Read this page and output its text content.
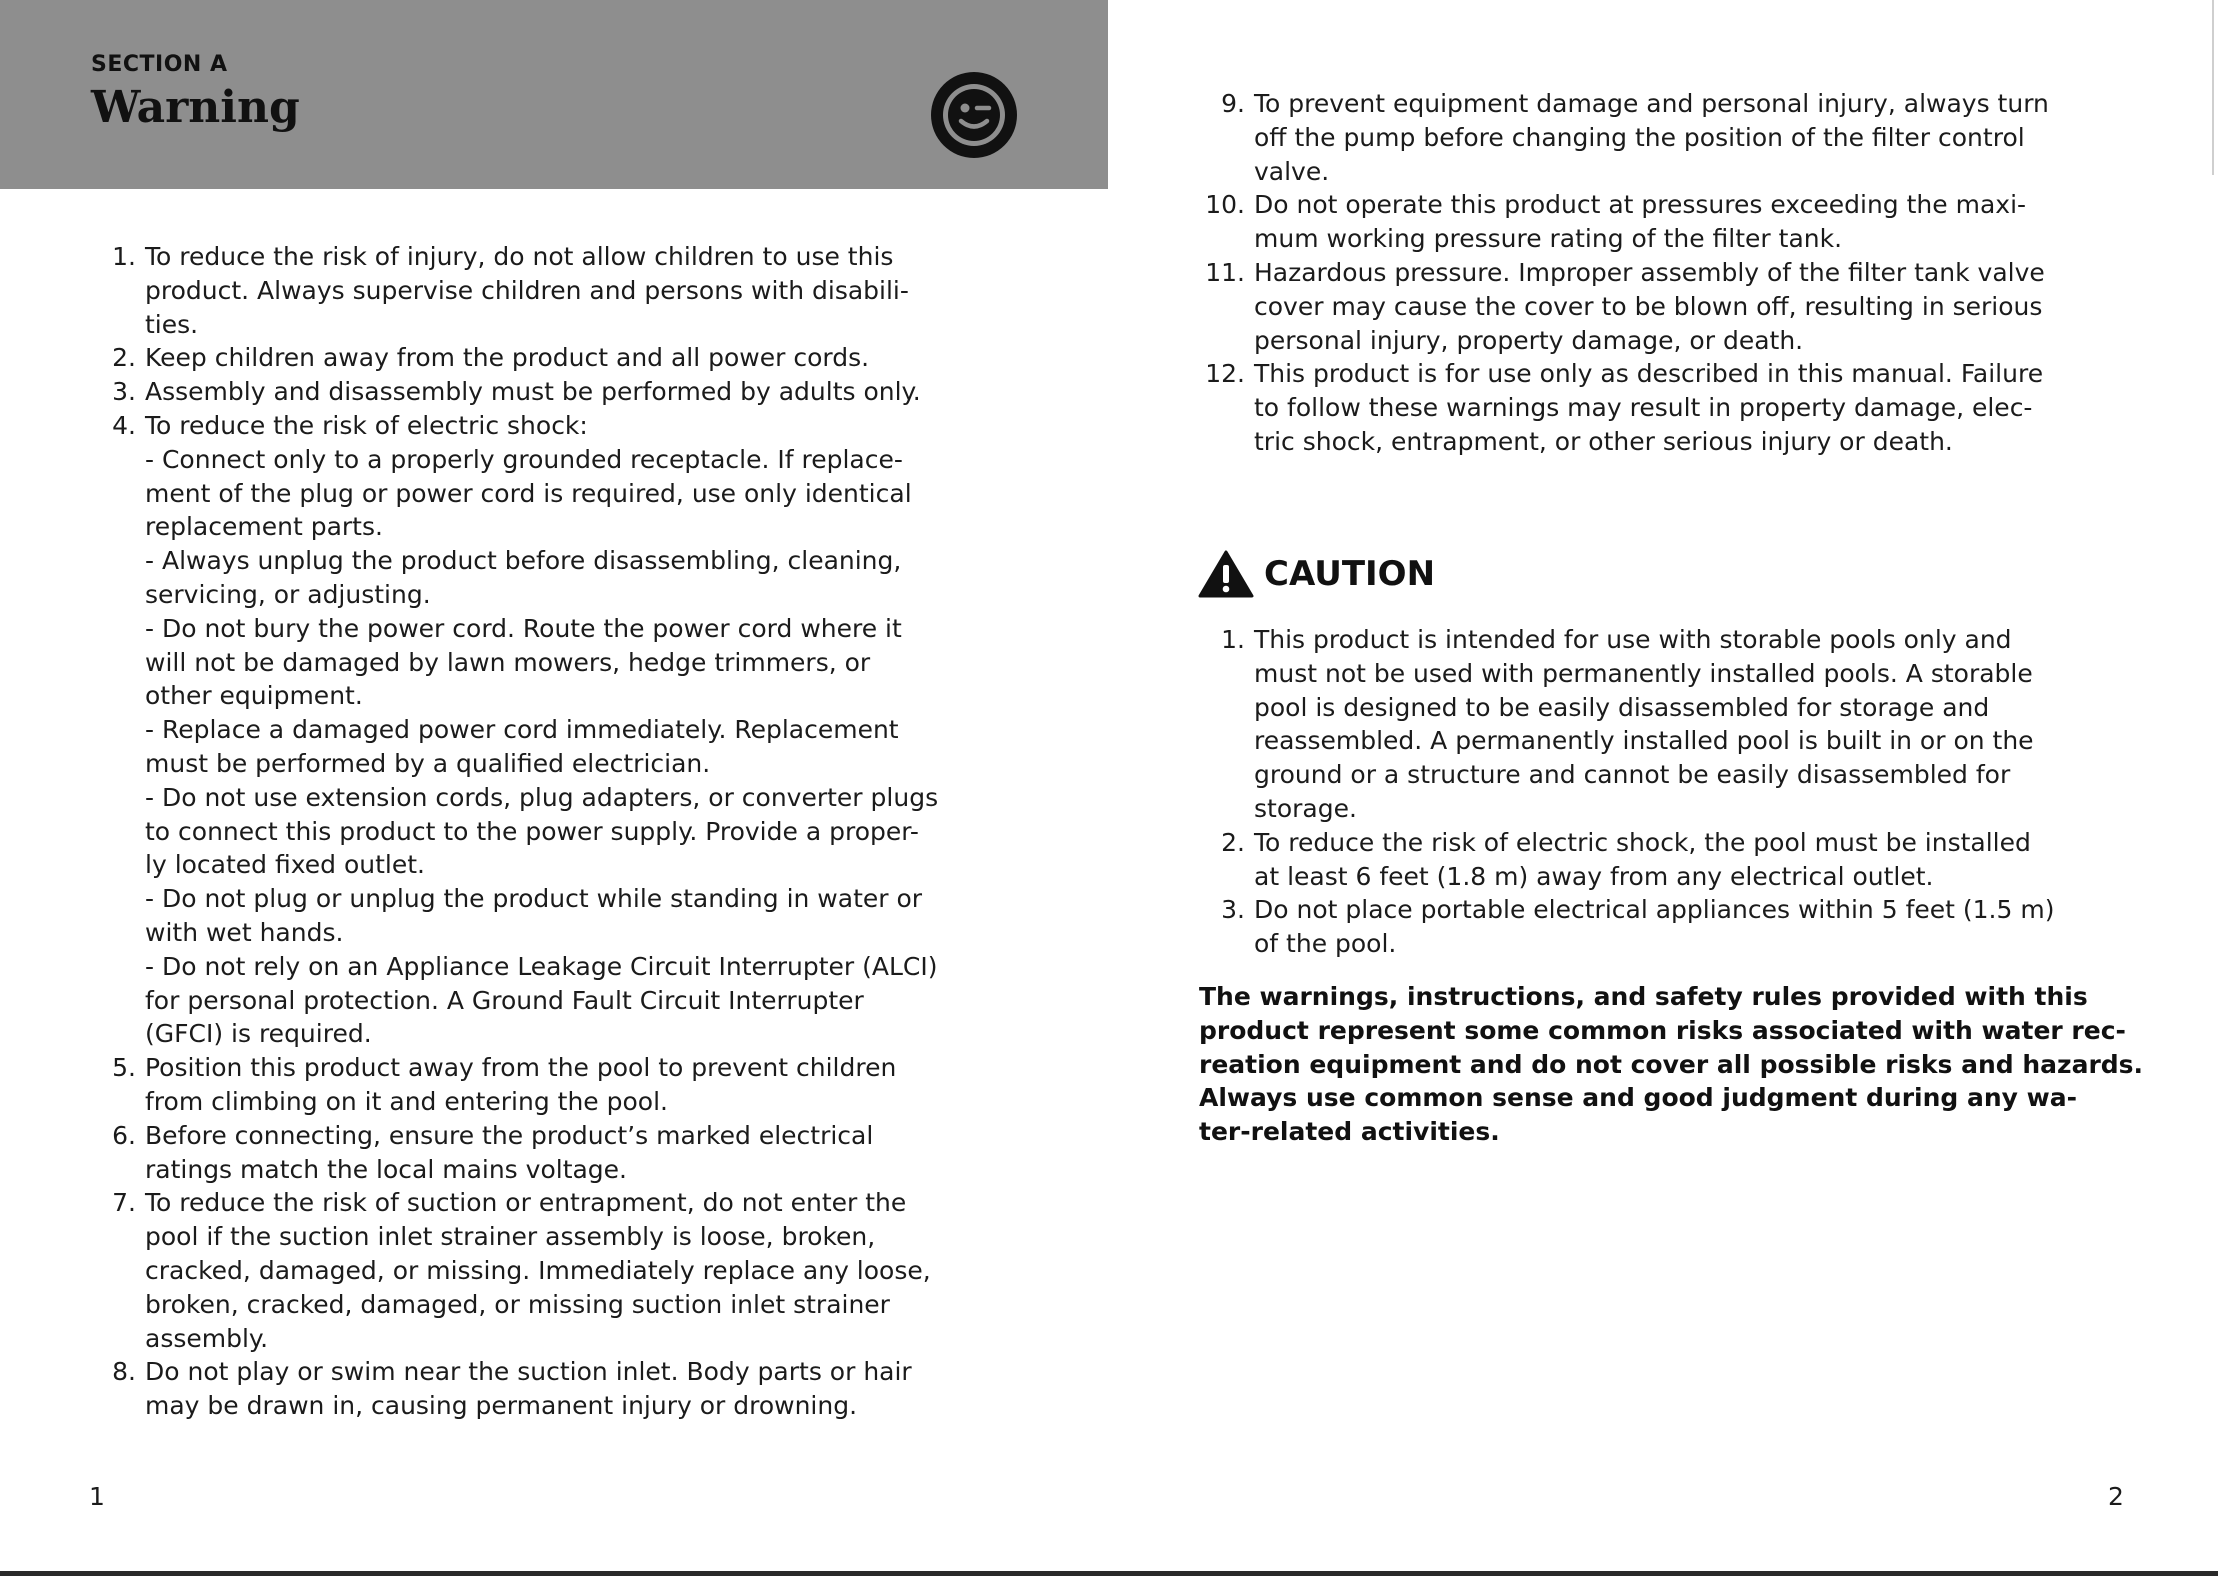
SECTION A
Warning
1. To reduce the risk of injury, do not allow children to use this
product. Always supervise children and persons with disabili-
ties.
2. Keep children away from the product and all power cords.
3. Assembly and disassembly must be performed by adults only.
4. To reduce the risk of electric shock:
- Connect only to a properly grounded receptacle. If replace-
ment of the plug or power cord is required, use only identical
replacement parts.
- Always unplug the product before disassembling, cleaning,
servicing, or adjusting.
- Do not bury the power cord. Route the power cord where it
will not be damaged by lawn mowers, hedge trimmers, or
other equipment.
- Replace a damaged power cord immediately. Replacement
must be performed by a qualified electrician.
- Do not use extension cords, plug adapters, or converter plugs
to connect this product to the power supply. Provide a proper-
ly located fixed outlet.
- Do not plug or unplug the product while standing in water or
with wet hands.
- Do not rely on an Appliance Leakage Circuit Interrupter (ALCI)
for personal protection. A Ground Fault Circuit Interrupter
(GFCI) is required.
5. Position this product away from the pool to prevent children
from climbing on it and entering the pool.
6. Before connecting, ensure the product’s marked electrical
ratings match the local mains voltage.
7. To reduce the risk of suction or entrapment, do not enter the
pool if the suction inlet strainer assembly is loose, broken,
cracked, damaged, or missing. Immediately replace any loose,
broken, cracked, damaged, or missing suction inlet strainer
assembly.
8. Do not play or swim near the suction inlet. Body parts or hair
may be drawn in, causing permanent injury or drowning.
9. To prevent equipment damage and personal injury, always turn
off the pump before changing the position of the filter control
valve.
10. Do not operate this product at pressures exceeding the maxi-
mum working pressure rating of the filter tank.
11. Hazardous pressure. Improper assembly of the filter tank valve
cover may cause the cover to be blown off, resulting in serious
personal injury, property damage, or death.
12. This product is for use only as described in this manual. Failure
to follow these warnings may result in property damage, elec-
tric shock, entrapment, or other serious injury or death.
CAUTION
1. This product is intended for use with storable pools only and
must not be used with permanently installed pools. A storable
pool is designed to be easily disassembled for storage and
reassembled. A permanently installed pool is built in or on the
ground or a structure and cannot be easily disassembled for
storage.
2. To reduce the risk of electric shock, the pool must be installed
at least 6 feet (1.8 m) away from any electrical outlet.
3. Do not place portable electrical appliances within 5 feet (1.5 m)
of the pool.
The warnings, instructions, and safety rules provided with this
product represent some common risks associated with water rec-
reation equipment and do not cover all possible risks and hazards.
Always use common sense and good judgment during any wa-
ter-related activities.
1	2
